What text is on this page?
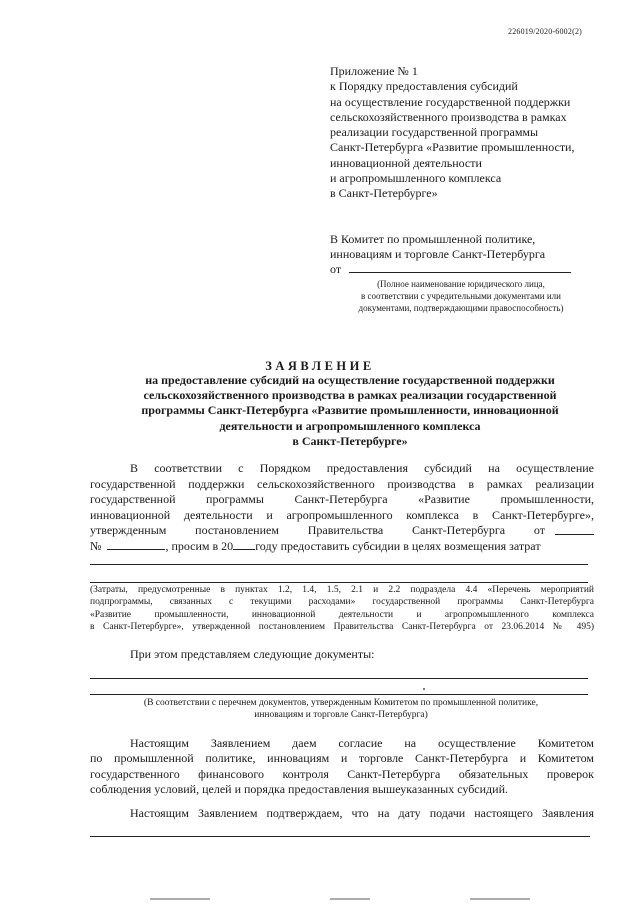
226019/2020-6002(2)
Приложение № 1
к Порядку предоставления субсидий
на осуществление государственной поддержки
сельскохозяйственного производства в рамках
реализации государственной программы
Санкт-Петербурга «Развитие промышленности,
инновационной деятельности
и агропромышленного комплекса
в Санкт-Петербурге»
В Комитет по промышленной политике,
инновациям и торговле Санкт-Петербурга
от
(Полное наименование юридического лица,
в соответствии с учредительными документами или
документами, подтверждающими правоспособность)
ЗАЯВЛЕНИЕ
на предоставление субсидий на осуществление государственной поддержки
сельскохозяйственного производства в рамках реализации государственной
программы Санкт-Петербурга «Развитие промышленности, инновационной
деятельности и агропромышленного комплекса
в Санкт-Петербурге»
В соответствии с Порядком предоставления субсидий на осуществление
государственной поддержки сельскохозяйственного производства в рамках реализации
государственной программы Санкт-Петербурга «Развитие промышленности,
инновационной деятельности и агропромышленного комплекса в Санкт-Петербурге»,
утвержденным постановлением Правительства Санкт-Петербурга от
№	, просим в 20 году предоставить субсидии в целях возмещения затрат
(Затраты, предусмотренные в пунктах 1.2, 1.4, 1.5, 2.1 и 2.2 подраздела 4.4 «Перечень мероприятий
подпрограммы, связанных с текущими расходами» государственной программы Санкт-Петербурга
«Развитие промышленности, инновационной деятельности и агропромышленного комплекса
в Санкт-Петербурге», утвержденной постановлением Правительства Санкт-Петербурга от 23.06.2014 № 495)
При этом представляем следующие документы:
(В соответствии с перечнем документов, утвержденным Комитетом по промышленной политике,
инновациям и торговле Санкт-Петербурга)
Настоящим Заявлением даем согласие на осуществление Комитетом
по промышленной политике, инновациям и торговле Санкт-Петербурга и Комитетом
государственного финансового контроля Санкт-Петербурга обязательных проверок
соблюдения условий, целей и порядка предоставления вышеуказанных субсидий.
Настоящим Заявлением подтверждаем, что на дату подачи настоящего Заявления
